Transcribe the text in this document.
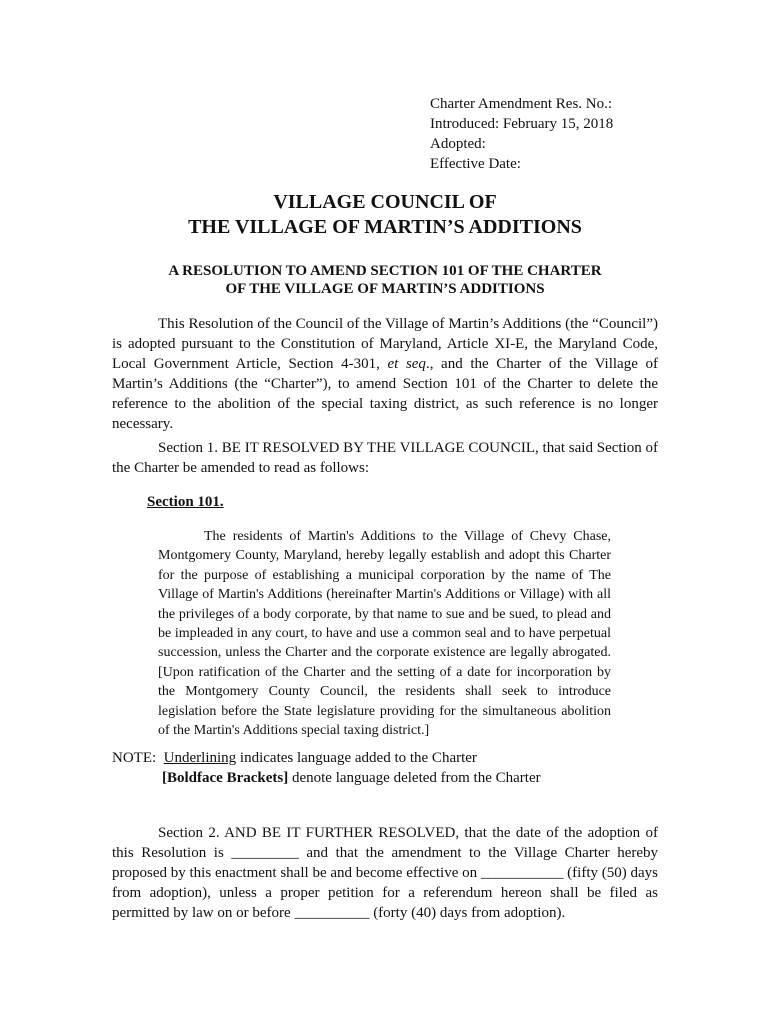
Charter Amendment Res. No.:
Introduced: February 15, 2018
Adopted:
Effective Date:
VILLAGE COUNCIL OF
THE VILLAGE OF MARTIN’S ADDITIONS
A RESOLUTION TO AMEND SECTION 101 OF THE CHARTER
OF THE VILLAGE OF MARTIN’S ADDITIONS
This Resolution of the Council of the Village of Martin’s Additions (the “Council”) is adopted pursuant to the Constitution of Maryland, Article XI-E, the Maryland Code, Local Government Article, Section 4-301, et seq., and the Charter of the Village of Martin’s Additions (the “Charter”), to amend Section 101 of the Charter to delete the reference to the abolition of the special taxing district, as such reference is no longer necessary.
Section 1. BE IT RESOLVED BY THE VILLAGE COUNCIL, that said Section of the Charter be amended to read as follows:
Section 101.
The residents of Martin's Additions to the Village of Chevy Chase, Montgomery County, Maryland, hereby legally establish and adopt this Charter for the purpose of establishing a municipal corporation by the name of The Village of Martin's Additions (hereinafter Martin's Additions or Village) with all the privileges of a body corporate, by that name to sue and be sued, to plead and be impleaded in any court, to have and use a common seal and to have perpetual succession, unless the Charter and the corporate existence are legally abrogated. [Upon ratification of the Charter and the setting of a date for incorporation by the Montgomery County Council, the residents shall seek to introduce legislation before the State legislature providing for the simultaneous abolition of the Martin's Additions special taxing district.]
NOTE: Underlining indicates language added to the Charter
[Boldface Brackets] denote language deleted from the Charter
Section 2. AND BE IT FURTHER RESOLVED, that the date of the adoption of this Resolution is _________ and that the amendment to the Village Charter hereby proposed by this enactment shall be and become effective on ___________ (fifty (50) days from adoption), unless a proper petition for a referendum hereon shall be filed as permitted by law on or before __________ (forty (40) days from adoption).
